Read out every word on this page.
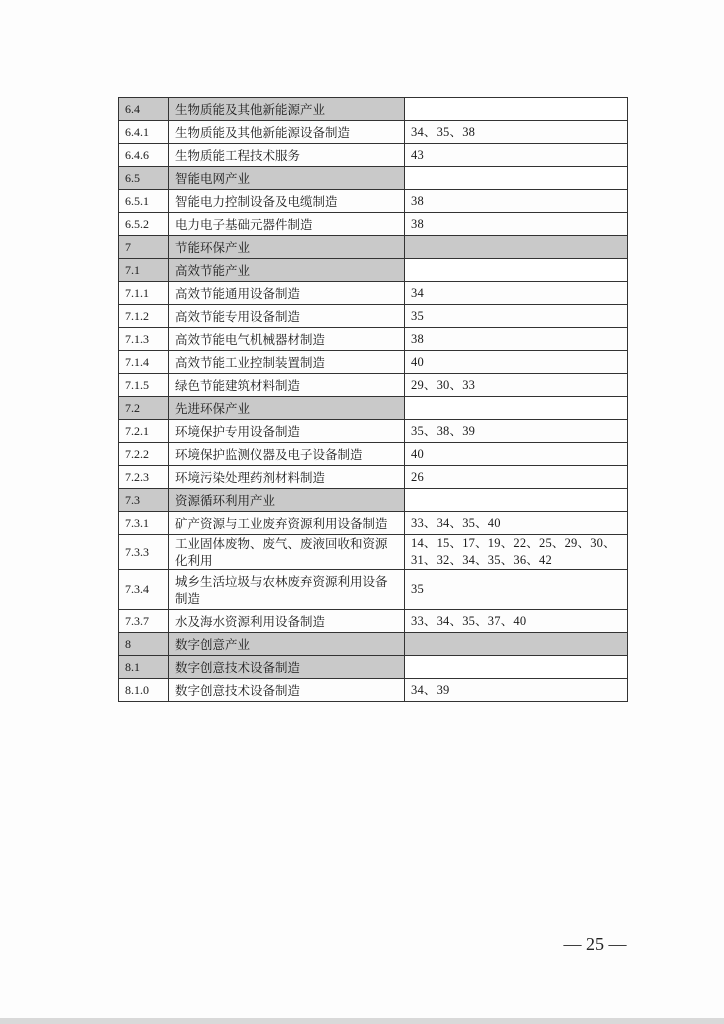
6.4	生物质能及其他新能源产业	
6.4.1	生物质能及其他新能源设备制造	34、35、38
6.4.6	生物质能工程技术服务	43
6.5	智能电网产业	
6.5.1	智能电力控制设备及电缆制造	38
6.5.2	电力电子基础元器件制造	38
7	节能环保产业	
7.1	高效节能产业	
7.1.1	高效节能通用设备制造	34
7.1.2	高效节能专用设备制造	35
7.1.3	高效节能电气机械器材制造	38
7.1.4	高效节能工业控制装置制造	40
7.1.5	绿色节能建筑材料制造	29、30、33
7.2	先进环保产业	
7.2.1	环境保护专用设备制造	35、38、39
7.2.2	环境保护监测仪器及电子设备制造	40
7.2.3	环境污染处理药剂材料制造	26
7.3	资源循环利用产业	
7.3.1	矿产资源与工业废弃资源利用设备制造	33、34、35、40
7.3.3	工业固体废物、废气、废液回收和资源化利用	14、15、17、19、22、25、29、30、31、32、34、35、36、42
7.3.4	城乡生活垃圾与农林废弃资源利用设备制造	35
7.3.7	水及海水资源利用设备制造	33、34、35、37、40
8	数字创意产业	
8.1	数字创意技术设备制造	
8.1.0	数字创意技术设备制造	34、39
— 25 —
